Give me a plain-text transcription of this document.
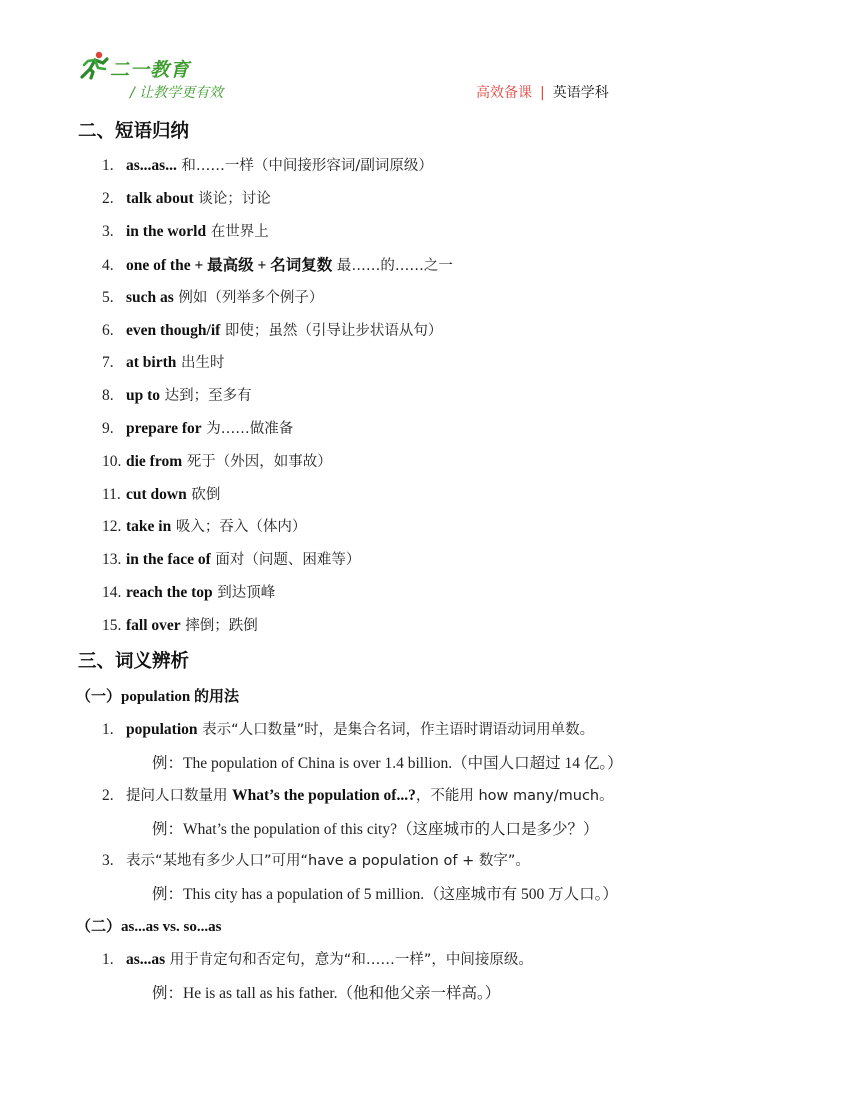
二一教育
/ 让教学更有效	高效备课 | 英语学科
二、短语归纳
1. as...as... 和……一样（中间接形容词/副词原级）
2. talk about 谈论；讨论
3. in the world 在世界上
4. one of the + 最高级 + 名词复数 最……的……之一
5. such as 例如（列举多个例子）
6. even though/if 即使；虽然（引导让步状语从句）
7. at birth 出生时
8. up to 达到；至多有
9. prepare for 为……做准备
10. die from 死于（外因，如事故）
11. cut down 砍倒
12. take in 吸入；吞入（体内）
13. in the face of 面对（问题、困难等）
14. reach the top 到达顶峰
15. fall over 摔倒；跌倒
三、词义辨析
（一）population 的用法
1. population 表示“人口数量”时，是集合名词，作主语时谓语动词用单数。
例：The population of China is over 1.4 billion.（中国人口超过 14 亿。）
2. 提问人口数量用 What’s the population of...?，不能用 how many/much。
例：What’s the population of this city?（这座城市的人口是多少？）
3. 表示“某地有多少人口”可用“have a population of + 数字”。
例：This city has a population of 5 million.（这座城市有 500 万人口。）
（二）as...as vs. so...as
1. as...as 用于肯定句和否定句，意为“和……一样”，中间接原级。
例：He is as tall as his father.（他和他父亲一样高。）
